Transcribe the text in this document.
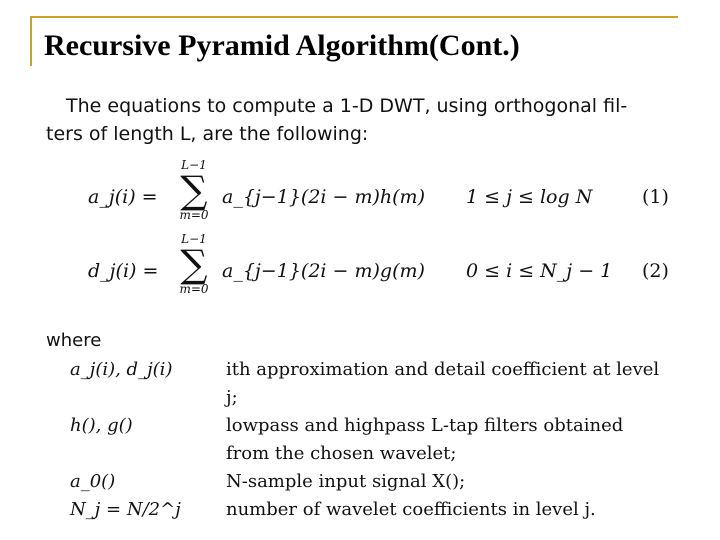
Recursive Pyramid Algorithm(Cont.)

The equations to compute a 1-D DWT, using orthogonal fil-
ters of length L, are the following:

a_j(i) =
L−1
∑
m=0
a_{j−1}(2i − m)h(m) 1 ≤ j ≤ log N	(1)
d_j(i) =
L−1
∑
m=0
a_{j−1}(2i − m)g(m) 0 ≤ i ≤ N_j − 1 (2)

where

a_j(i), d_j(i)	ith approximation and detail coefficient at level j;
h(), g()	lowpass and highpass L-tap filters obtained from the chosen wavelet;
a_0()	N-sample input signal X();
N_j = N/2^j	number of wavelet coefficients in level j.
